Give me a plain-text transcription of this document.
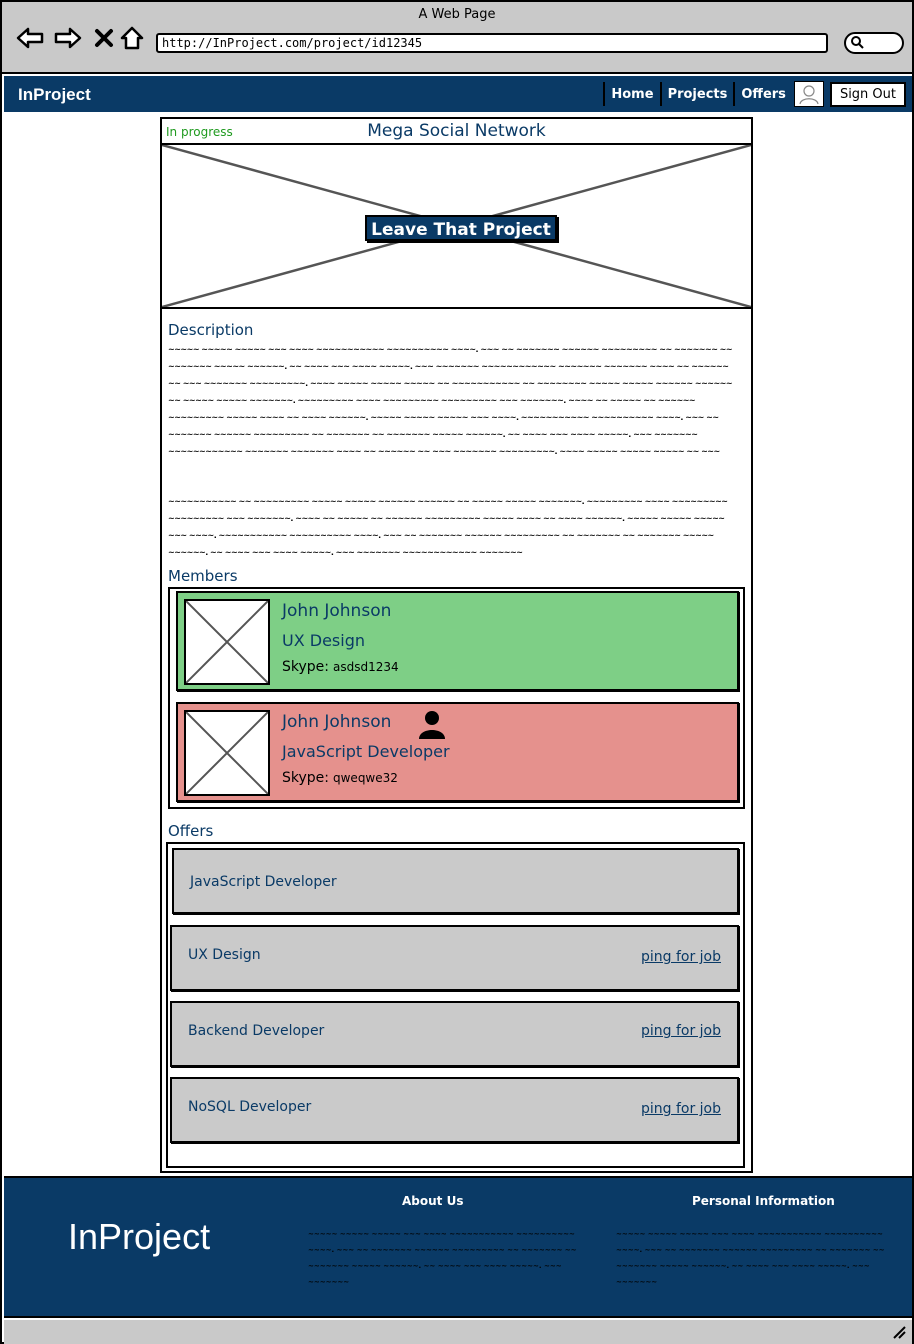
A Web Page
http://InProject.com/project/id12345
InProject	Home	Projects	Offers	Sign Out
In progress	Mega Social Network
Leave That Project
Description
~~~~~ ~~~~~ ~~~~~ ~~~ ~~~~ ~~~~~~~~~~~ ~~~~~~~~~~ ~~~~. ~~~ ~~ ~~~~~~~ ~~~~~~ ~~~~~~~~~ ~~ ~~~~~~~ ~~ ~~~~~~~ ~~~~~ ~~~~~~. ~~ ~~~~ ~~~ ~~~~ ~~~~~. ~~~ ~~~~~~~ ~~~~~~~~~~~~ ~~~~~~~ ~~~~~~~ ~~~~ ~~ ~~~~~~ ~~ ~~~ ~~~~~~~ ~~~~~~~~~. ~~~~ ~~~~~ ~~~~~ ~~~~~ ~~ ~~~~~~~~~~~ ~~ ~~~~~~~~ ~~~~~ ~~~~~ ~~~~~~ ~~~~~~ ~~ ~~~~~ ~~~~~ ~~~~~~~. ~~~~~~~~~ ~~~~ ~~~~~~~~~ ~~~~~~~~~ ~~~ ~~~~~~~. ~~~~ ~~ ~~~~~ ~~ ~~~~~~ ~~~~~~~~~ ~~~~~ ~~~~ ~~ ~~~~ ~~~~~~. ~~~~~ ~~~~~ ~~~~~ ~~~ ~~~~. ~~~~~~~~~~~ ~~~~~~~~~~ ~~~~. ~~~ ~~ ~~~~~~~ ~~~~~~ ~~~~~~~~~ ~~ ~~~~~~~ ~~ ~~~~~~~ ~~~~~ ~~~~~~. ~~ ~~~~ ~~~ ~~~~ ~~~~~. ~~~ ~~~~~~~ ~~~~~~~~~~~~ ~~~~~~~ ~~~~~~~ ~~~~ ~~ ~~~~~~ ~~ ~~~ ~~~~~~~ ~~~~~~~~~. ~~~~ ~~~~~ ~~~~~ ~~~~~ ~~ ~~~
~~~~~~~~~~~ ~~ ~~~~~~~~~ ~~~~~ ~~~~~ ~~~~~~ ~~~~~~ ~~ ~~~~~ ~~~~~ ~~~~~~~. ~~~~~~~~~ ~~~~ ~~~~~~~~~ ~~~~~~~~~ ~~~ ~~~~~~~. ~~~~ ~~ ~~~~~ ~~ ~~~~~~ ~~~~~~~~~ ~~~~~ ~~~~ ~~ ~~~~ ~~~~~~. ~~~~~ ~~~~~ ~~~~~ ~~~ ~~~~. ~~~~~~~~~~~ ~~~~~~~~~~ ~~~~. ~~~ ~~ ~~~~~~~ ~~~~~~ ~~~~~~~~~ ~~ ~~~~~~~ ~~ ~~~~~~~ ~~~~~ ~~~~~~. ~~ ~~~~ ~~~ ~~~~ ~~~~~. ~~~ ~~~~~~~ ~~~~~~~~~~~~ ~~~~~~~
Members
John Johnson
UX Design
Skype: asdsd1234
John Johnson
JavaScript Developer
Skype: qweqwe32
Offers
JavaScript Developer
UX Design	ping for job
Backend Developer	ping for job
NoSQL Developer	ping for job
InProject
About Us
~~~~~ ~~~~~ ~~~~~ ~~~ ~~~~ ~~~~~~~~~~~ ~~~~~~~~~~ ~~~~. ~~~ ~~ ~~~~~~~ ~~~~~~ ~~~~~~~~~ ~~ ~~~~~~~ ~~ ~~~~~~~ ~~~~~ ~~~~~~. ~~ ~~~~ ~~~ ~~~~ ~~~~~. ~~~ ~~~~~~~
Personal Information
~~~~~ ~~~~~ ~~~~~ ~~~ ~~~~ ~~~~~~~~~~~ ~~~~~~~~~~ ~~~~. ~~~ ~~ ~~~~~~~ ~~~~~~ ~~~~~~~~~ ~~ ~~~~~~~ ~~ ~~~~~~~ ~~~~~ ~~~~~~. ~~ ~~~~ ~~~ ~~~~ ~~~~~. ~~~ ~~~~~~~
